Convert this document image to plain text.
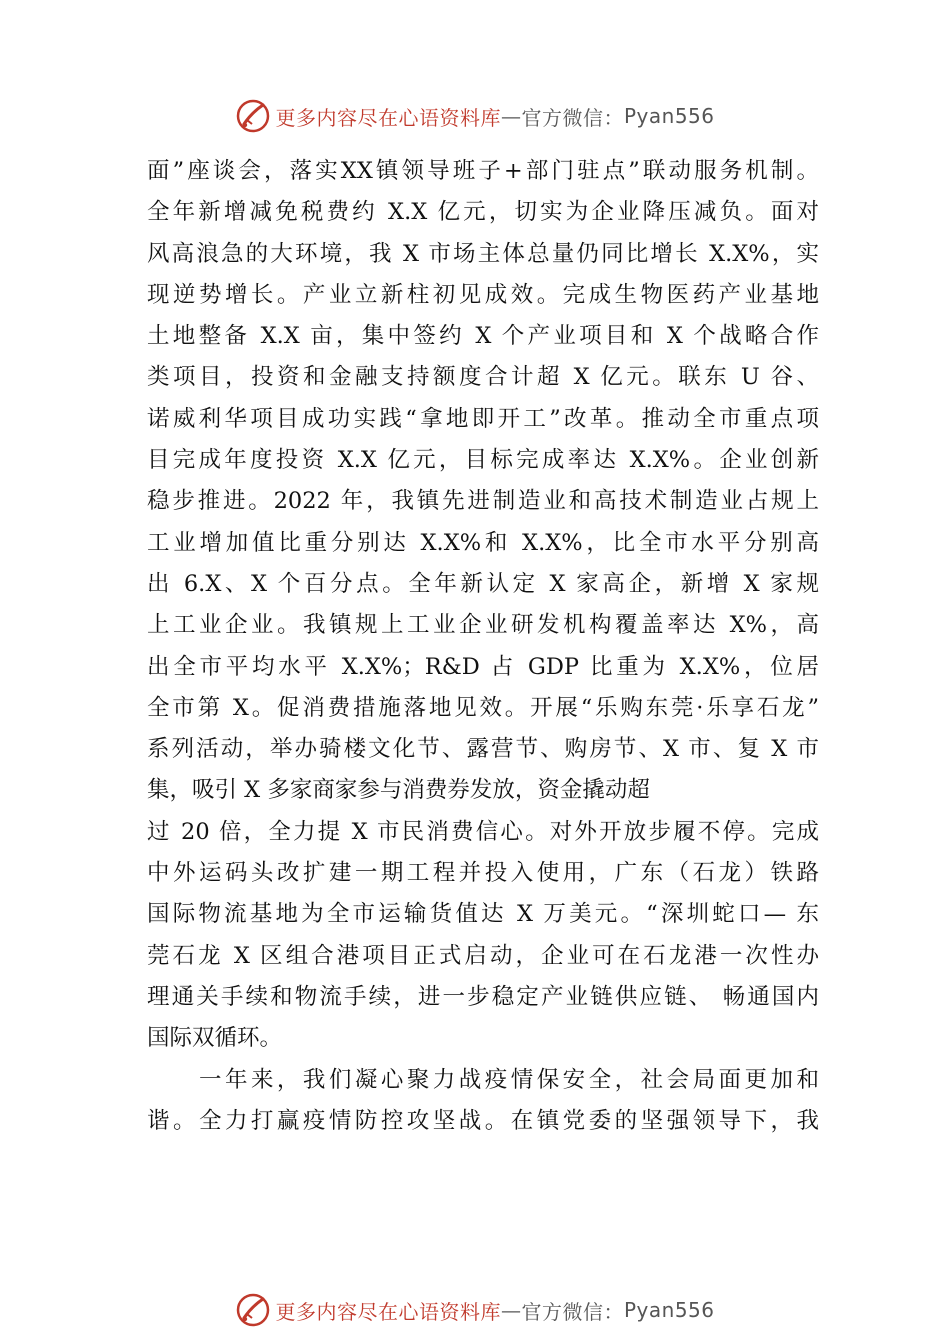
更多内容尽在心语资料库 — 官方微信： Pyan556
面”座谈会，落实XX镇领导班子+部门驻点”联动服务机制。
全年新增减免税费约 X.X 亿元，切实为企业降压减负。面对
风高浪急的大环境，我 X 市场主体总量仍同比增长 X.X%，实
现逆势增长。产业立新柱初见成效。完成生物医药产业基地
土地整备 X.X 亩，集中签约 X 个产业项目和 X 个战略合作
类项目，投资和金融支持额度合计超 X 亿元。联东 U 谷、
诺威利华项目成功实践“拿地即开工”改革。推动全市重点项
目完成年度投资 X.X 亿元，目标完成率达 X.X%。企业创新
稳步推进。2022 年，我镇先进制造业和高技术制造业占规上
工业增加值比重分别达 X.X%和 X.X%，比全市水平分别高
出 6.X、X 个百分点。全年新认定 X 家高企，新增 X 家规
上工业企业。我镇规上工业企业研发机构覆盖率达 X%，高
出全市平均水平 X.X%；R&D 占 GDP 比重为 X.X%，位居
全市第 X。促消费措施落地见效。开展“乐购东莞·乐享石龙”
系列活动，举办骑楼文化节、露营节、购房节、X 市、复 X 市
集，吸引 X 多家商家参与消费券发放，资金撬动超
过 20 倍，全力提 X 市民消费信心。对外开放步履不停。完成
中外运码头改扩建一期工程并投入使用，广东（石龙）铁路
国际物流基地为全市运输货值达 X 万美元。“深圳蛇口— 东
莞石龙 X 区组合港项目正式启动，企业可在石龙港一次性办
理通关手续和物流手续，进一步稳定产业链供应链、 畅通国内
国际双循环。
一年来，我们凝心聚力战疫情保安全，社会局面更加和
谐。全力打赢疫情防控攻坚战。在镇党委的坚强领导下，我
更多内容尽在心语资料库 — 官方微信： Pyan556
